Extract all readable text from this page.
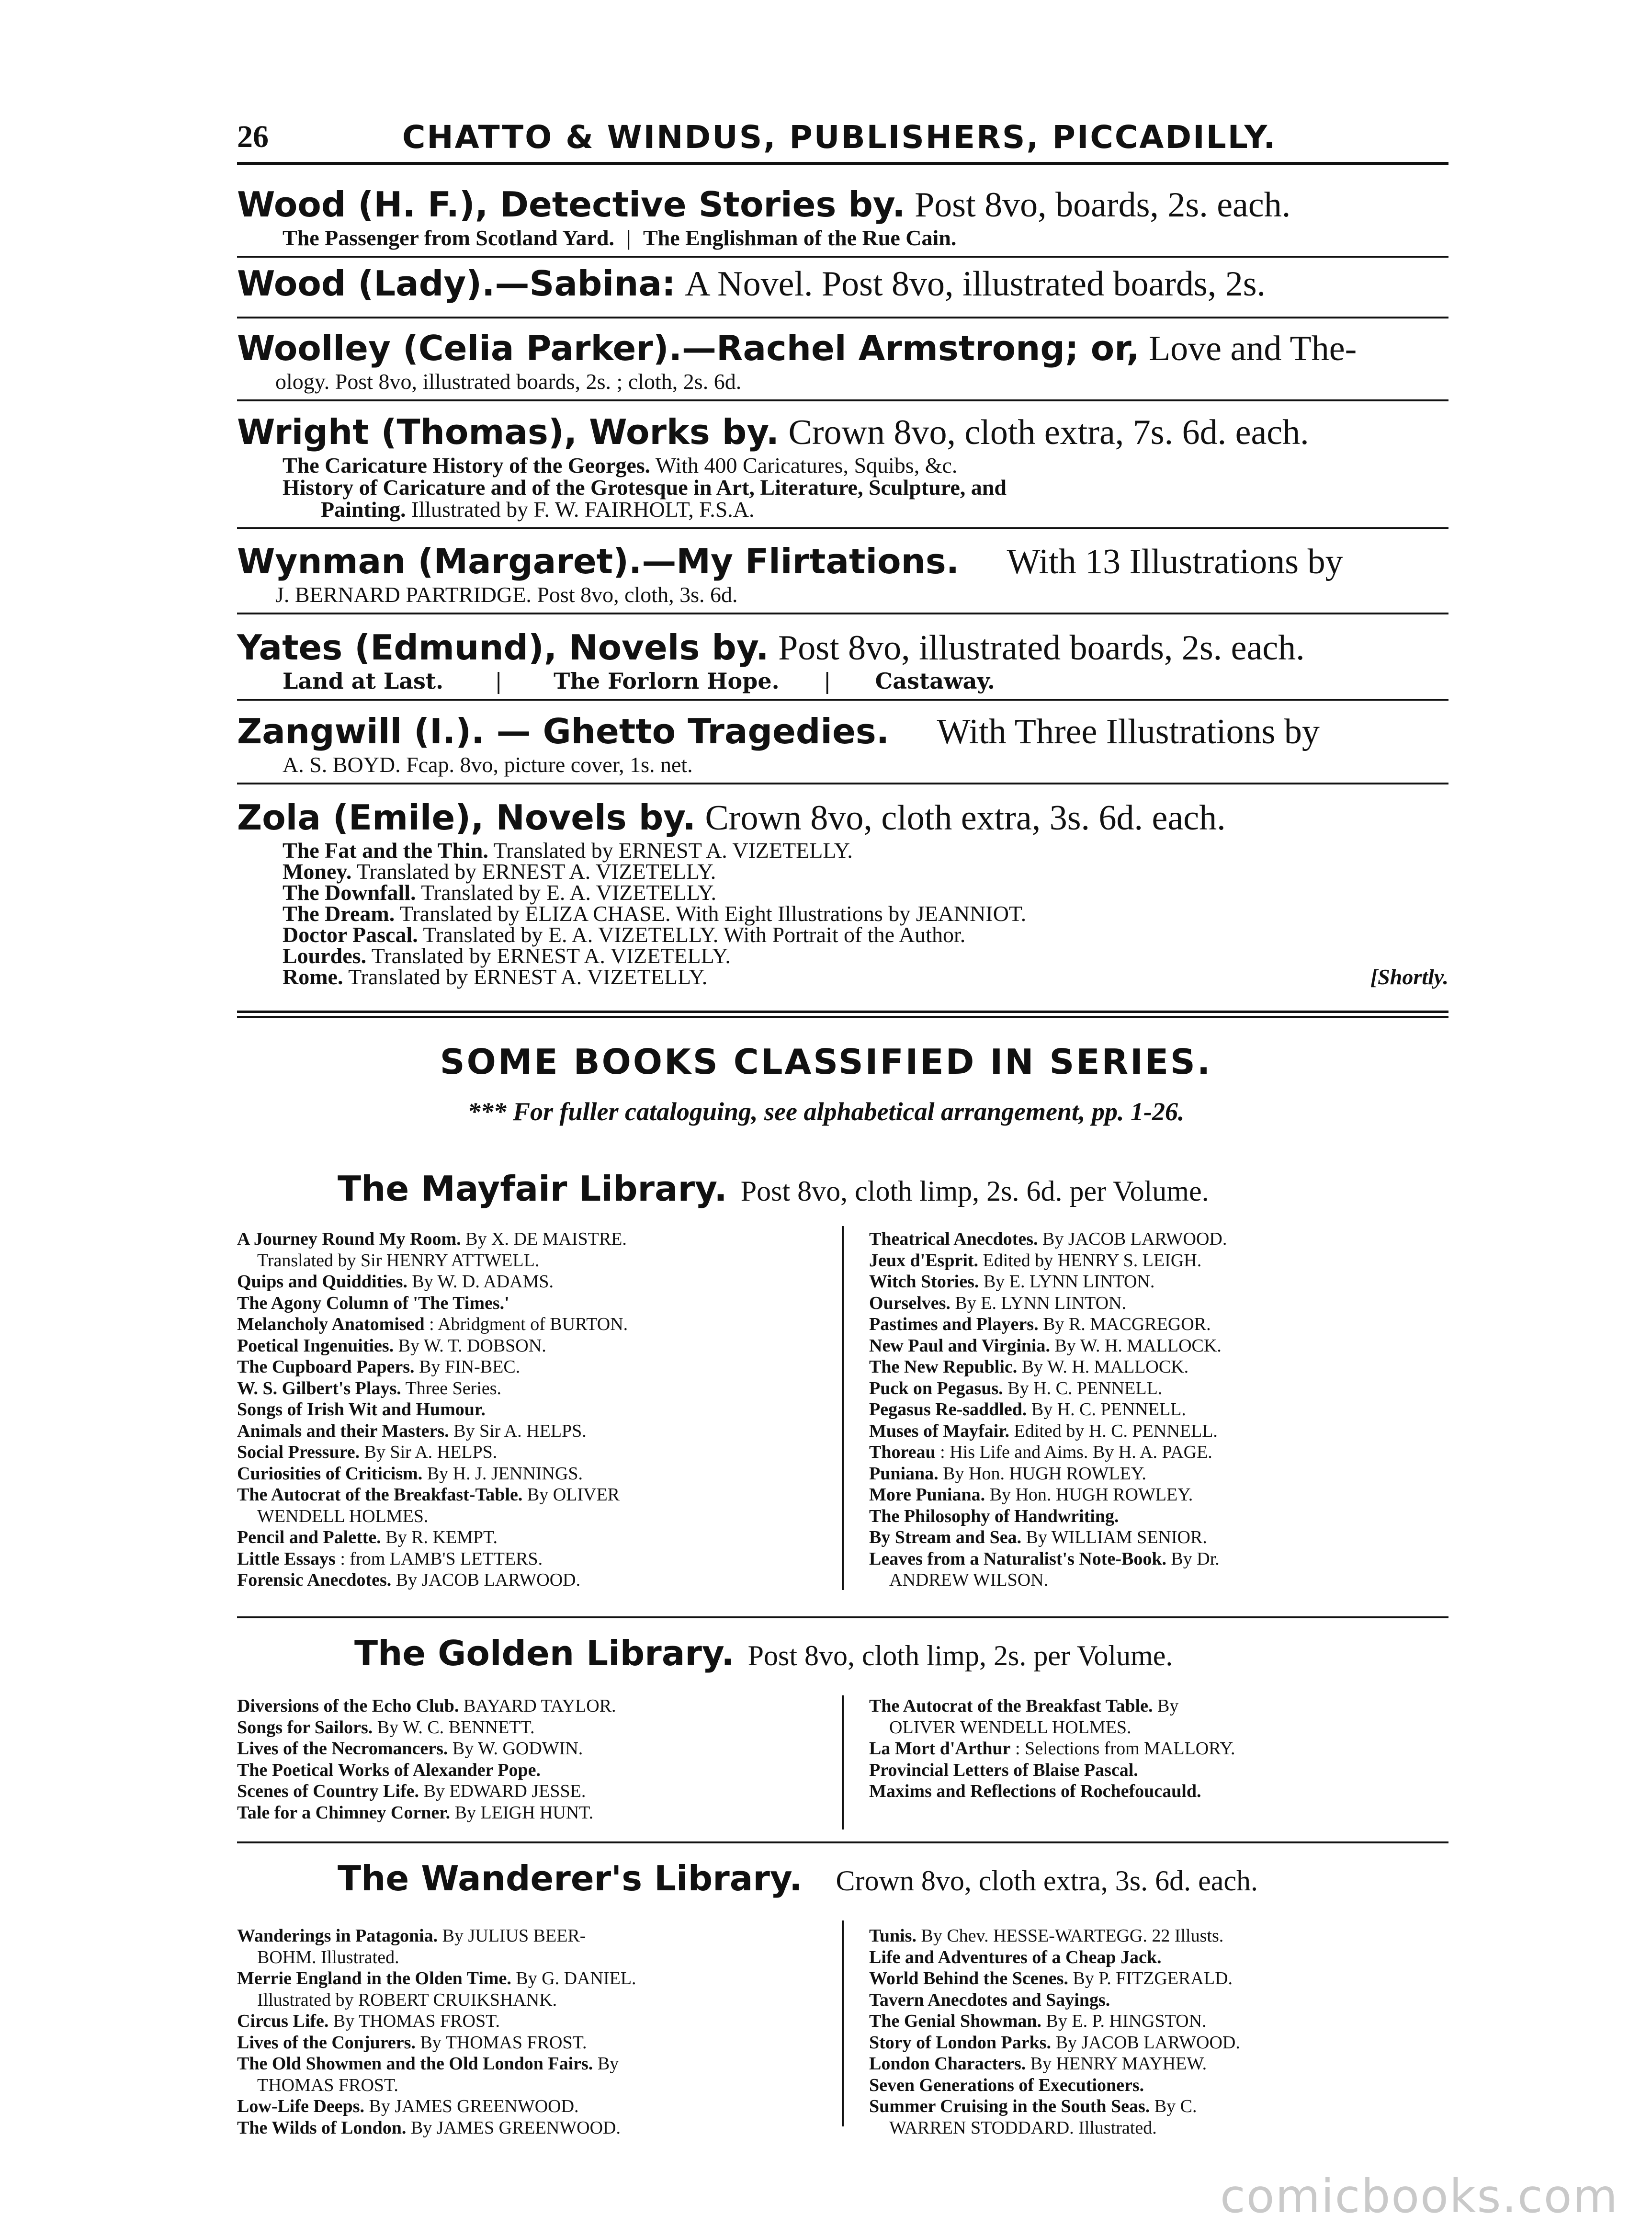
26	CHATTO & WINDUS, PUBLISHERS, PICCADILLY.
Wood (H. F.), Detective Stories by. Post 8vo, boards, 2s. each.
The Passenger from Scotland Yard. | The Englishman of the Rue Cain.
Wood (Lady).—Sabina: A Novel. Post 8vo, illustrated boards, 2s.
Woolley (Celia Parker).—Rachel Armstrong; or, Love and The-
ology. Post 8vo, illustrated boards, 2s. ; cloth, 2s. 6d.
Wright (Thomas), Works by. Crown 8vo, cloth extra, 7s. 6d. each.
The Caricature History of the Georges. With 400 Caricatures, Squibs, &c.
History of Caricature and of the Grotesque in Art, Literature, Sculpture, and
Painting. Illustrated by F. W. FAIRHOLT, F.S.A.
Wynman (Margaret).—My Flirtations. With 13 Illustrations by
J. BERNARD PARTRIDGE. Post 8vo, cloth, 3s. 6d.
Yates (Edmund), Novels by. Post 8vo, illustrated boards, 2s. each.
Land at Last. | The Forlorn Hope. | Castaway.
Zangwill (I.). — Ghetto Tragedies. With Three Illustrations by
A. S. BOYD. Fcap. 8vo, picture cover, 1s. net.
Zola (Emile), Novels by. Crown 8vo, cloth extra, 3s. 6d. each.
The Fat and the Thin. Translated by ERNEST A. VIZETELLY.
Money. Translated by ERNEST A. VIZETELLY.
The Downfall. Translated by E. A. VIZETELLY.
The Dream. Translated by ELIZA CHASE. With Eight Illustrations by JEANNIOT.
Doctor Pascal. Translated by E. A. VIZETELLY. With Portrait of the Author.
Lourdes. Translated by ERNEST A. VIZETELLY.
Rome. Translated by ERNEST A. VIZETELLY.	[Shortly.
SOME BOOKS CLASSIFIED IN SERIES.
*** For fuller cataloguing, see alphabetical arrangement, pp. 1-26.
The Mayfair Library. Post 8vo, cloth limp, 2s. 6d. per Volume.
A Journey Round My Room. By X. DE MAISTRE.
Translated by Sir HENRY ATTWELL.
Quips and Quiddities. By W. D. ADAMS.
The Agony Column of 'The Times.'
Melancholy Anatomised : Abridgment of BURTON.
Poetical Ingenuities. By W. T. DOBSON.
The Cupboard Papers. By FIN-BEC.
W. S. Gilbert's Plays. Three Series.
Songs of Irish Wit and Humour.
Animals and their Masters. By Sir A. HELPS.
Social Pressure. By Sir A. HELPS.
Curiosities of Criticism. By H. J. JENNINGS.
The Autocrat of the Breakfast-Table. By OLIVER
WENDELL HOLMES.
Pencil and Palette. By R. KEMPT.
Little Essays : from LAMB'S LETTERS.
Forensic Anecdotes. By JACOB LARWOOD.
Theatrical Anecdotes. By JACOB LARWOOD.
Jeux d'Esprit. Edited by HENRY S. LEIGH.
Witch Stories. By E. LYNN LINTON.
Ourselves. By E. LYNN LINTON.
Pastimes and Players. By R. MACGREGOR.
New Paul and Virginia. By W. H. MALLOCK.
The New Republic. By W. H. MALLOCK.
Puck on Pegasus. By H. C. PENNELL.
Pegasus Re-saddled. By H. C. PENNELL.
Muses of Mayfair. Edited by H. C. PENNELL.
Thoreau : His Life and Aims. By H. A. PAGE.
Puniana. By Hon. HUGH ROWLEY.
More Puniana. By Hon. HUGH ROWLEY.
The Philosophy of Handwriting.
By Stream and Sea. By WILLIAM SENIOR.
Leaves from a Naturalist's Note-Book. By Dr.
ANDREW WILSON.
The Golden Library. Post 8vo, cloth limp, 2s. per Volume.
Diversions of the Echo Club. BAYARD TAYLOR.
Songs for Sailors. By W. C. BENNETT.
Lives of the Necromancers. By W. GODWIN.
The Poetical Works of Alexander Pope.
Scenes of Country Life. By EDWARD JESSE.
Tale for a Chimney Corner. By LEIGH HUNT.
The Autocrat of the Breakfast Table. By
OLIVER WENDELL HOLMES.
La Mort d'Arthur : Selections from MALLORY.
Provincial Letters of Blaise Pascal.
Maxims and Reflections of Rochefoucauld.
The Wanderer's Library. Crown 8vo, cloth extra, 3s. 6d. each.
Wanderings in Patagonia. By JULIUS BEER-
BOHM. Illustrated.
Merrie England in the Olden Time. By G. DANIEL.
Illustrated by ROBERT CRUIKSHANK.
Circus Life. By THOMAS FROST.
Lives of the Conjurers. By THOMAS FROST.
The Old Showmen and the Old London Fairs. By
THOMAS FROST.
Low-Life Deeps. By JAMES GREENWOOD.
The Wilds of London. By JAMES GREENWOOD.
Tunis. By Chev. HESSE-WARTEGG. 22 Illusts.
Life and Adventures of a Cheap Jack.
World Behind the Scenes. By P. FITZGERALD.
Tavern Anecdotes and Sayings.
The Genial Showman. By E. P. HINGSTON.
Story of London Parks. By JACOB LARWOOD.
London Characters. By HENRY MAYHEW.
Seven Generations of Executioners.
Summer Cruising in the South Seas. By C.
WARREN STODDARD. Illustrated.
comicbooks.com
